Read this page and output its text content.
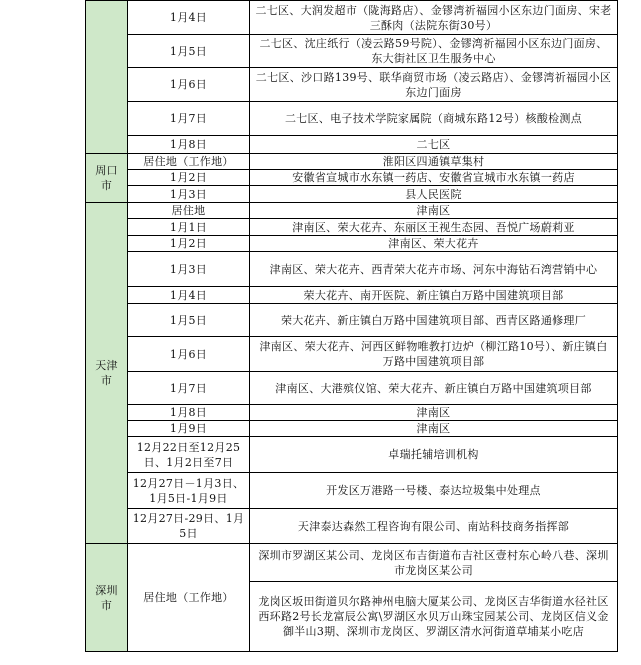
	1月4日	二七区、大润发超市（陇海路店）、金镠湾祈福园小区东边门面房、宋老三酥肉（法院东街30号）
	1月5日	二七区、沈庄纸行（凌云路59号院）、金镠湾祈福园小区东边门面房、东大街社区卫生服务中心
	1月6日	二七区、沙口路139号、联华商贸市场（凌云路店）、金镠湾祈福园小区东边门面房
	1月7日	二七区、电子技术学院家属院（商城东路12号）核酸检测点
	1月8日	二七区
周口市	居住地（工作地）	淮阳区四通镇草集村
	1月2日	安徽省宣城市水东镇一药店、安徽省宣城市水东镇一药店
	1月3日	县人民医院
天津市	居住地	津南区
	1月1日	津南区、荣大花卉、东丽区王视生态园、吾悦广场蔚莉亚
	1月2日	津南区、荣大花卉
	1月3日	津南区、荣大花卉、西青荣大花卉市场、河东中海钻石湾营销中心
	1月4日	荣大花卉、南开医院、新庄镇白万路中国建筑项目部
	1月5日	荣大花卉、新庄镇白万路中国建筑项目部、西青区路通修理厂
	1月6日	津南区、荣大花卉、河西区鲜物唯教打边炉（柳江路10号）、新庄镇白万路中国建筑项目部
	1月7日	津南区、大港殡仪馆、荣大花卉、新庄镇白万路中国建筑项目部
	1月8日	津南区
	1月9日	津南区
	12月22日至12月25日、1月2日至7日	卓瑞托辅培训机构
	12月27日－1月3日、1月5日-1月9日	开发区万港路一号楼、泰达垃圾集中处理点
	12月27日-29日、1月5日	天津泰达森然工程咨询有限公司、南站科技商务指挥部
深圳市	居住地（工作地）	深圳市罗湖区某公司、龙岗区布吉街道布吉社区壹村东心岭八巷、深圳市龙岗区某公司
		龙岗区坂田街道贝尔路神州电脑大厦某公司、龙岗区吉华街道水径社区西环路2号长龙富辰公寓\罗湖区水贝万山珠宝园某公司、龙岗区信义金御半山3期、深圳市龙岗区、罗湖区清水河街道草埔某小吃店
